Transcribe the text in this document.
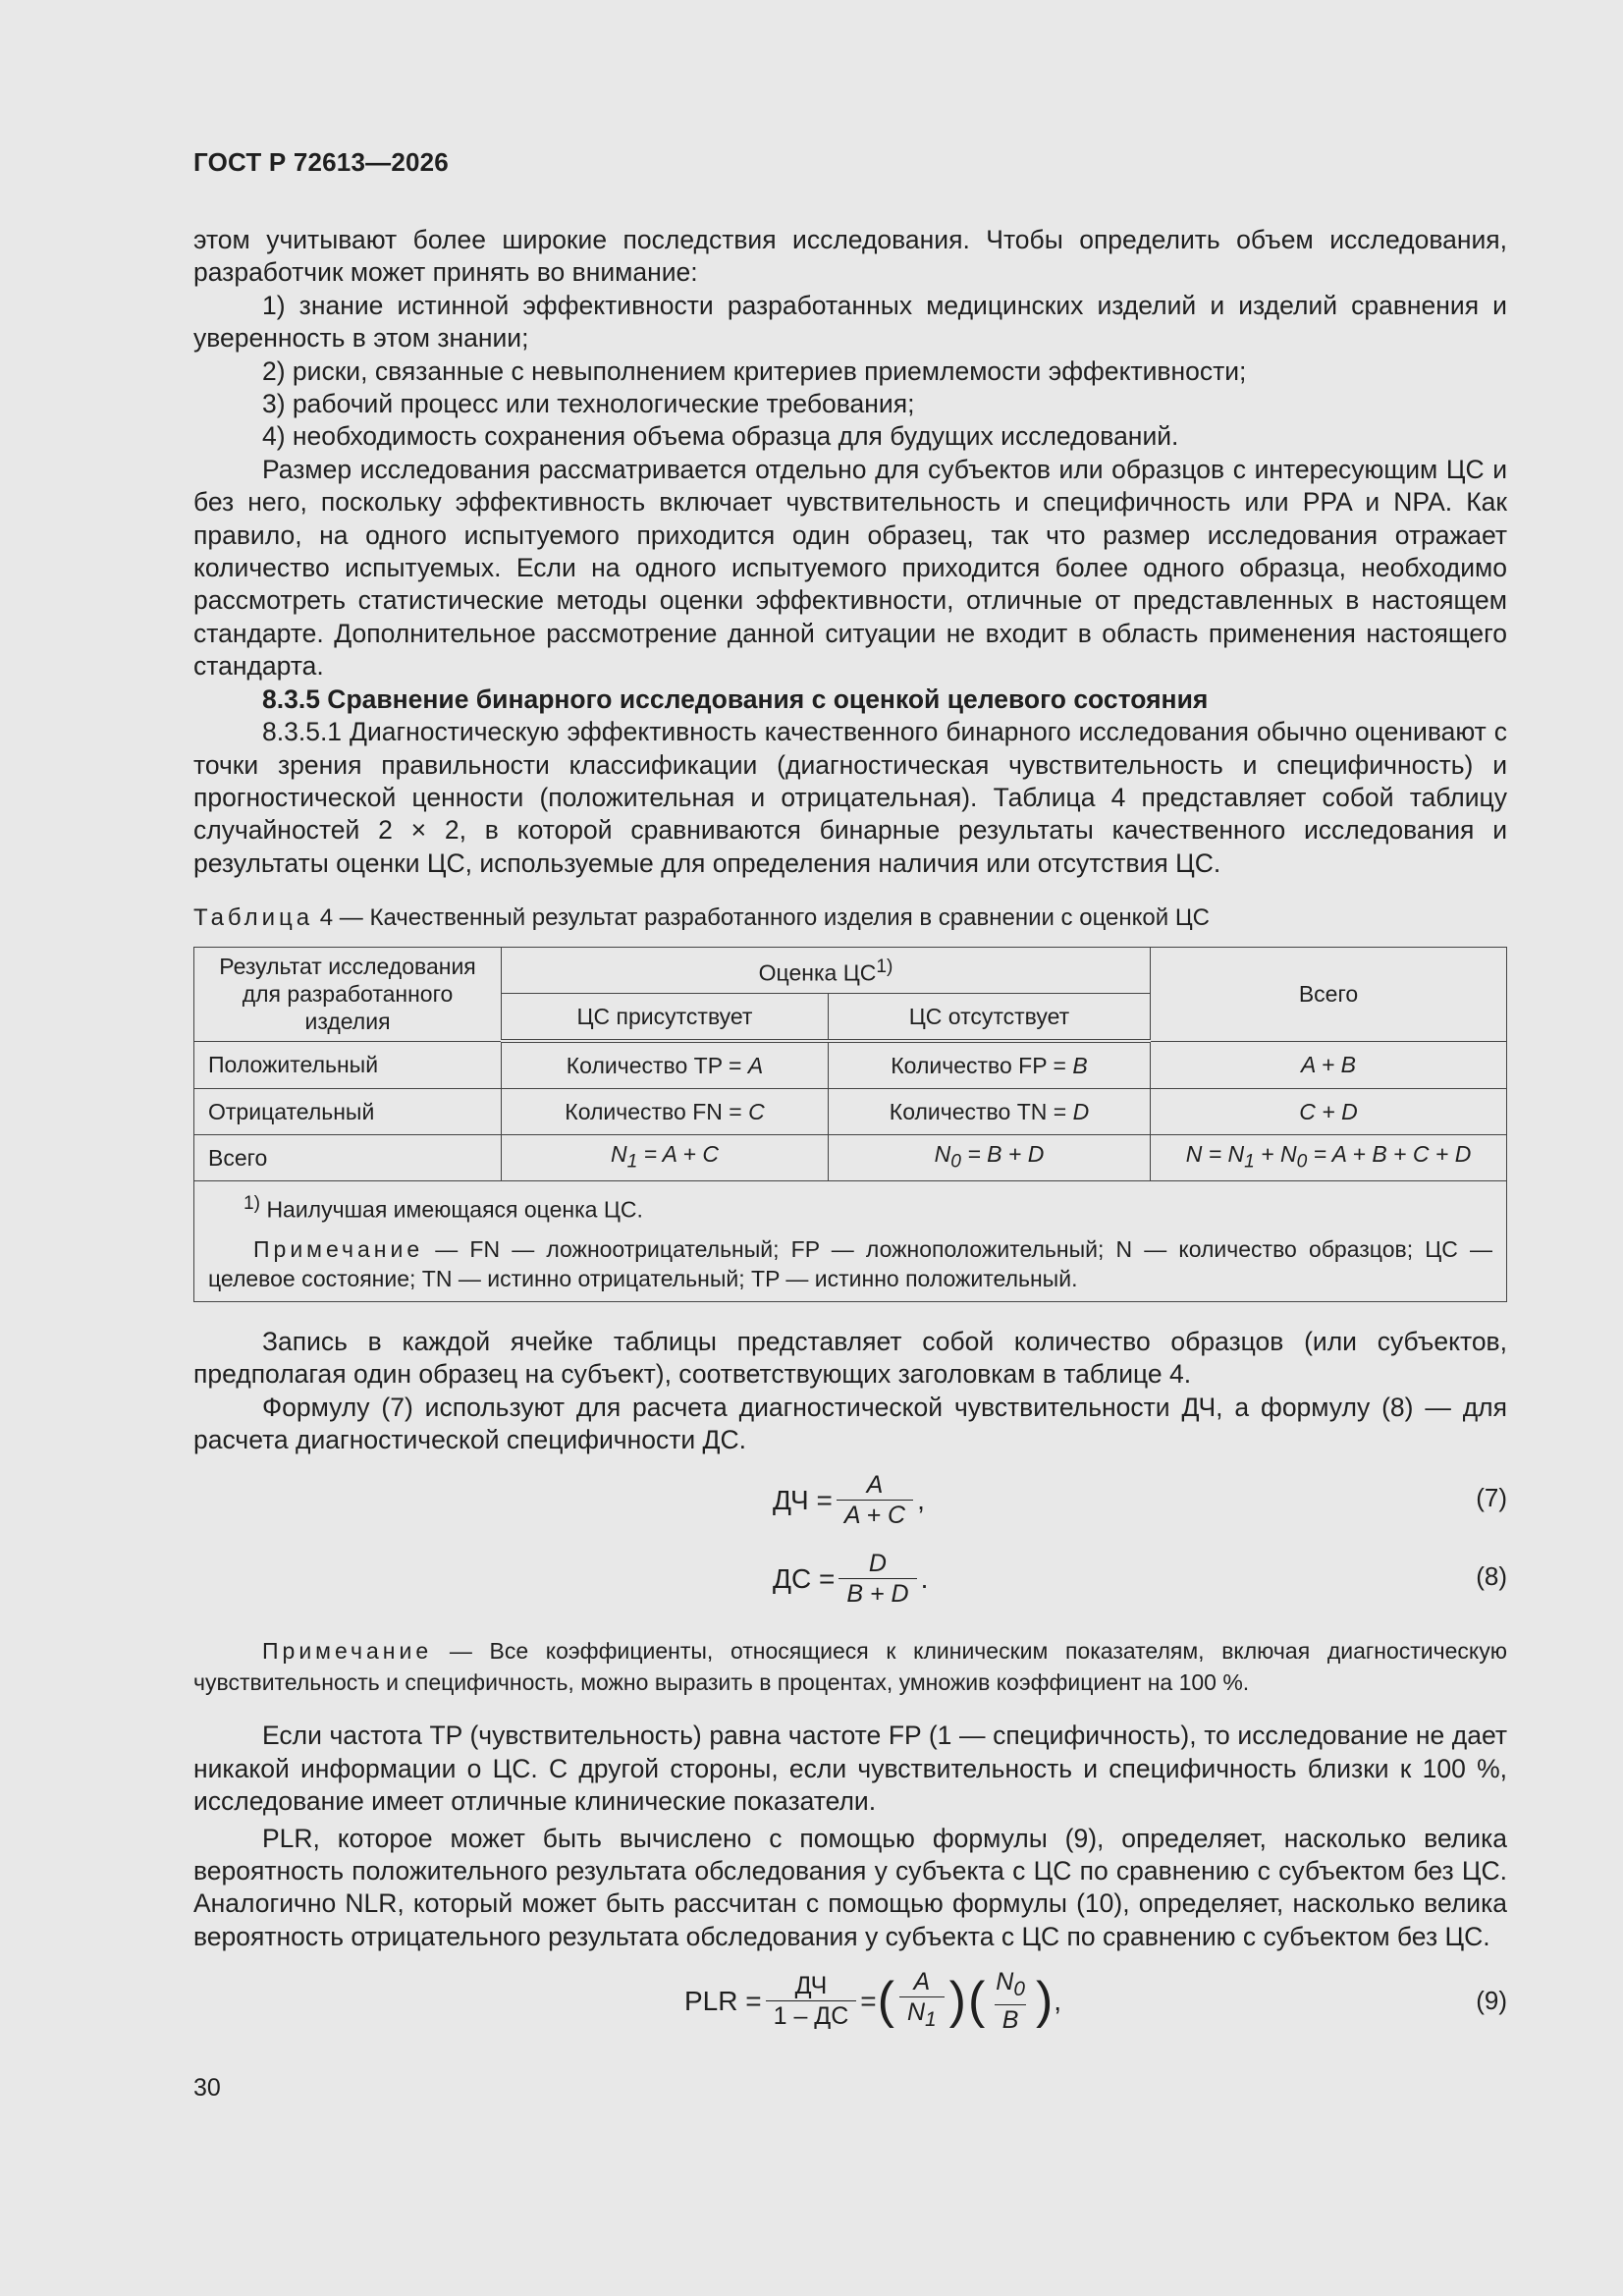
ГОСТ Р 72613—2026

этом учитывают более широкие последствия исследования. Чтобы определить объем исследования, разработчик может принять во внимание:

1) знание истинной эффективности разработанных медицинских изделий и изделий сравнения и уверенность в этом знании;

2) риски, связанные с невыполнением критериев приемлемости эффективности;

3) рабочий процесс или технологические требования;

4) необходимость сохранения объема образца для будущих исследований.

Размер исследования рассматривается отдельно для субъектов или образцов с интересующим ЦС и без него, поскольку эффективность включает чувствительность и специфичность или PPA и NPA. Как правило, на одного испытуемого приходится один образец, так что размер исследования отражает количество испытуемых. Если на одного испытуемого приходится более одного образца, необходимо рассмотреть статистические методы оценки эффективности, отличные от представленных в настоящем стандарте. Дополнительное рассмотрение данной ситуации не входит в область применения настоящего стандарта.

8.3.5 Сравнение бинарного исследования с оценкой целевого состояния

8.3.5.1 Диагностическую эффективность качественного бинарного исследования обычно оценивают с точки зрения правильности классификации (диагностическая чувствительность и специфичность) и прогностической ценности (положительная и отрицательная). Таблица 4 представляет собой таблицу случайностей 2 × 2, в которой сравниваются бинарные результаты качественного исследования и результаты оценки ЦС, используемые для определения наличия или отсутствия ЦС.

Таблица 4 — Качественный результат разработанного изделия в сравнении с оценкой ЦС
Результат исследования для разработанного изделия	Оценка ЦС$^{1)}$		Всего
	ЦС присутствует	ЦС отсутствует	
Положительный	Количество TP = A	Количество FP = B	A + B
Отрицательный	Количество FN = C	Количество TN = D	C + D
Всего	$N_1 = A + C$	$N_0 = B + D$	$N = N_1 + N_0 = A + B + C + D$

$^{1)}$ Наилучшая имеющаяся оценка ЦС.
Примечание — FN — ложноотрицательный; FP — ложноположительный; N — количество образцов; ЦС — целевое состояние; TN — истинно отрицательный; TP — истинно положительный.			

Запись в каждой ячейке таблицы представляет собой количество образцов (или субъектов, предполагая один образец на субъект), соответствующих заголовкам в таблице 4.

Формулу (7) используют для расчета диагностической чувствительности ДЧ, а формулу (8) — для расчета диагностической специфичности ДС.

ДЧ = $\frac{A}{A + C}$ ,	(7)
ДС = $\frac{D}{B + D}$ .	(8)
Примечание — Все коэффициенты, относящиеся к клиническим показателям, включая диагностическую чувствительность и специфичность, можно выразить в процентах, умножив коэффициент на 100 %.

Если частота TP (чувствительность) равна частоте FP (1 — специфичность), то исследование не дает никакой информации о ЦС. С другой стороны, если чувствительность и специфичность близки к 100 %, исследование имеет отличные клинические показатели.

PLR, которое может быть вычислено с помощью формулы (9), определяет, насколько велика вероятность положительного результата обследования у субъекта с ЦС по сравнению с субъектом без ЦС. Аналогично NLR, который может быть рассчитан с помощью формулы (10), определяет, насколько велика вероятность отрицательного результата обследования у субъекта с ЦС по сравнению с субъектом без ЦС.

PLR = $\frac{ДЧ}{1 - ДС}$ = ( $\frac{A}{N_1}$ ) ( $\frac{N_0}{B}$ ) ,	(9)
30
